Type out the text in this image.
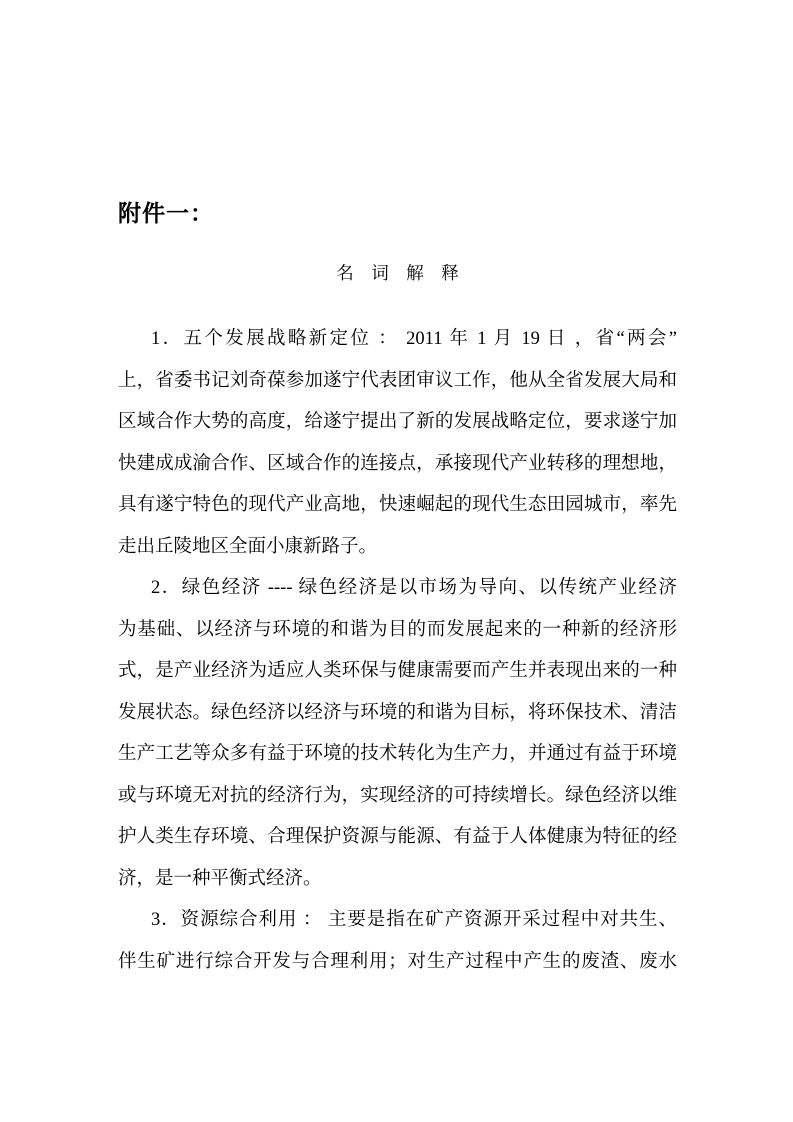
附件一：
名　词　解　释
1．五个发展战略新定位 ： 2011 年 1 月 19 日 ，省“两会”
上，省委书记刘奇葆参加遂宁代表团审议工作，他从全省发展大局和
区域合作大势的高度，给遂宁提出了新的发展战略定位，要求遂宁加
快建成成渝合作、区域合作的连接点，承接现代产业转移的理想地，
具有遂宁特色的现代产业高地，快速崛起的现代生态田园城市，率先
走出丘陵地区全面小康新路子。
2．绿色经济 ---- 绿色经济是以市场为导向、以传统产业经济
为基础、以经济与环境的和谐为目的而发展起来的一种新的经济形
式，是产业经济为适应人类环保与健康需要而产生并表现出来的一种
发展状态。绿色经济以经济与环境的和谐为目标，将环保技术、清洁
生产工艺等众多有益于环境的技术转化为生产力，并通过有益于环境
或与环境无对抗的经济行为，实现经济的可持续增长。绿色经济以维
护人类生存环境、合理保护资源与能源、有益于人体健康为特征的经
济，是一种平衡式经济。
3．资源综合利用 ： 主要是指在矿产资源开采过程中对共生、
伴生矿进行综合开发与合理利用；对生产过程中产生的废渣、废水
